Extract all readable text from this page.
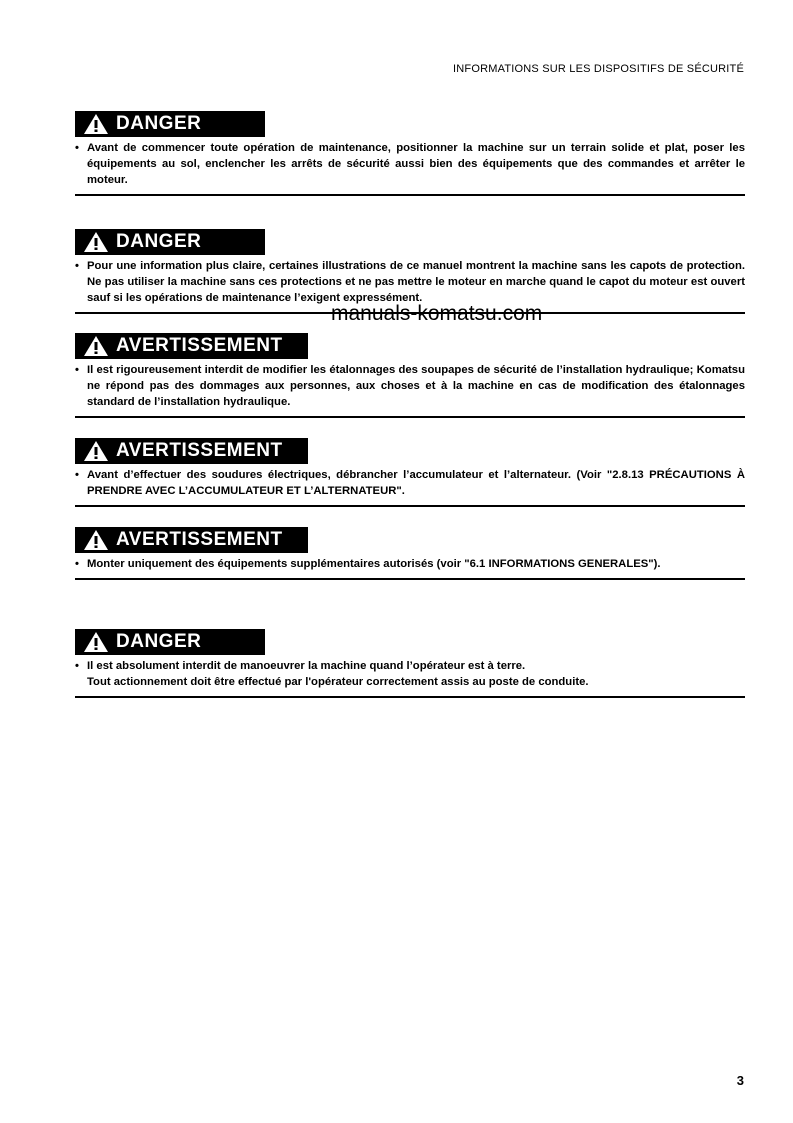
INFORMATIONS SUR LES DISPOSITIFS DE SÉCURITÉ
DANGER
• Avant de commencer toute opération de maintenance, positionner la machine sur un terrain solide et plat, poser les équipements au sol, enclencher les arrêts de sécurité aussi bien des équipements que des commandes et arrêter le moteur.
DANGER
• Pour une information plus claire, certaines illustrations de ce manuel montrent la machine sans les capots de protection. Ne pas utiliser la machine sans ces protections et ne pas mettre le moteur en marche quand le capot du moteur est ouvert sauf si les opérations de maintenance l’exigent expressément.
manuals-komatsu.com
AVERTISSEMENT
• Il est rigoureusement interdit de modifier les étalonnages des soupapes de sécurité de l’installation hydraulique; Komatsu ne répond pas des dommages aux personnes, aux choses et à la machine en cas de modification des étalonnages standard de l’installation hydraulique.
AVERTISSEMENT
• Avant d’effectuer des soudures électriques, débrancher l’accumulateur et l’alternateur. (Voir "2.8.13 PRÉCAUTIONS À PRENDRE AVEC L’ACCUMULATEUR ET L’ALTERNATEUR".
AVERTISSEMENT
• Monter uniquement des équipements supplémentaires autorisés (voir "6.1 INFORMATIONS GENERALES").
DANGER
• Il est absolument interdit de manoeuvrer la machine quand l’opérateur est à terre.
Tout actionnement doit être effectué par l'opérateur correctement assis au poste de conduite.
3
